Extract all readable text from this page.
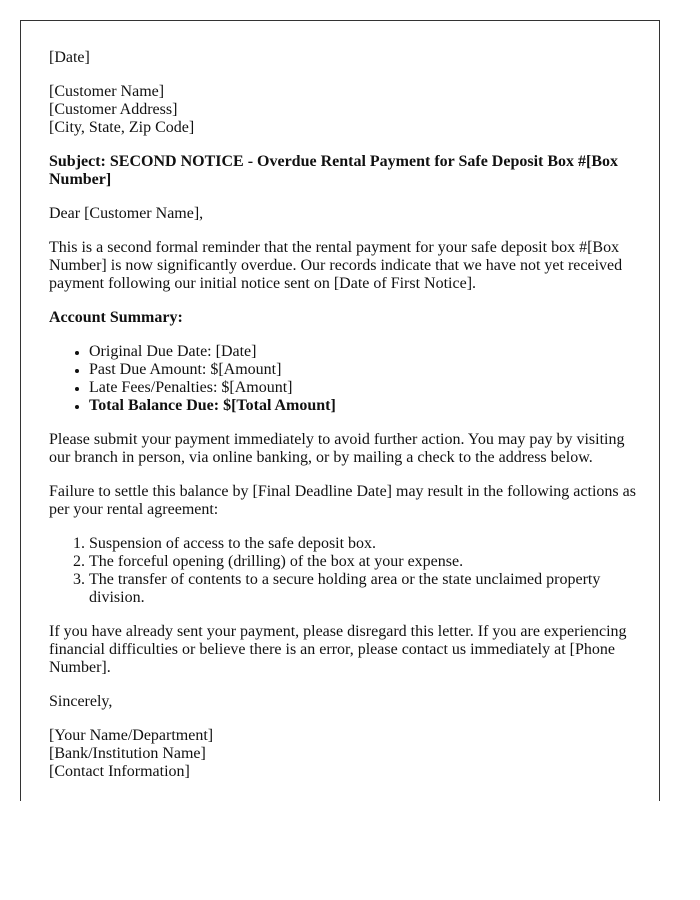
[Date]

[Customer Name]
[Customer Address]
[City, State, Zip Code]

Subject: SECOND NOTICE - Overdue Rental Payment for Safe Deposit Box #[Box Number]

Dear [Customer Name],

This is a second formal reminder that the rental payment for your safe deposit box #[Box Number] is now significantly overdue. Our records indicate that we have not yet received payment following our initial notice sent on [Date of First Notice].

Account Summary:

• Original Due Date: [Date]
• Past Due Amount: $[Amount]
• Late Fees/Penalties: $[Amount]
• Total Balance Due: $[Total Amount]

Please submit your payment immediately to avoid further action. You may pay by visiting our branch in person, via online banking, or by mailing a check to the address below.

Failure to settle this balance by [Final Deadline Date] may result in the following actions as per your rental agreement:

1. Suspension of access to the safe deposit box.
2. The forceful opening (drilling) of the box at your expense.
3. The transfer of contents to a secure holding area or the state unclaimed property division.

If you have already sent your payment, please disregard this letter. If you are experiencing financial difficulties or believe there is an error, please contact us immediately at [Phone Number].

Sincerely,

[Your Name/Department]
[Bank/Institution Name]
[Contact Information]
